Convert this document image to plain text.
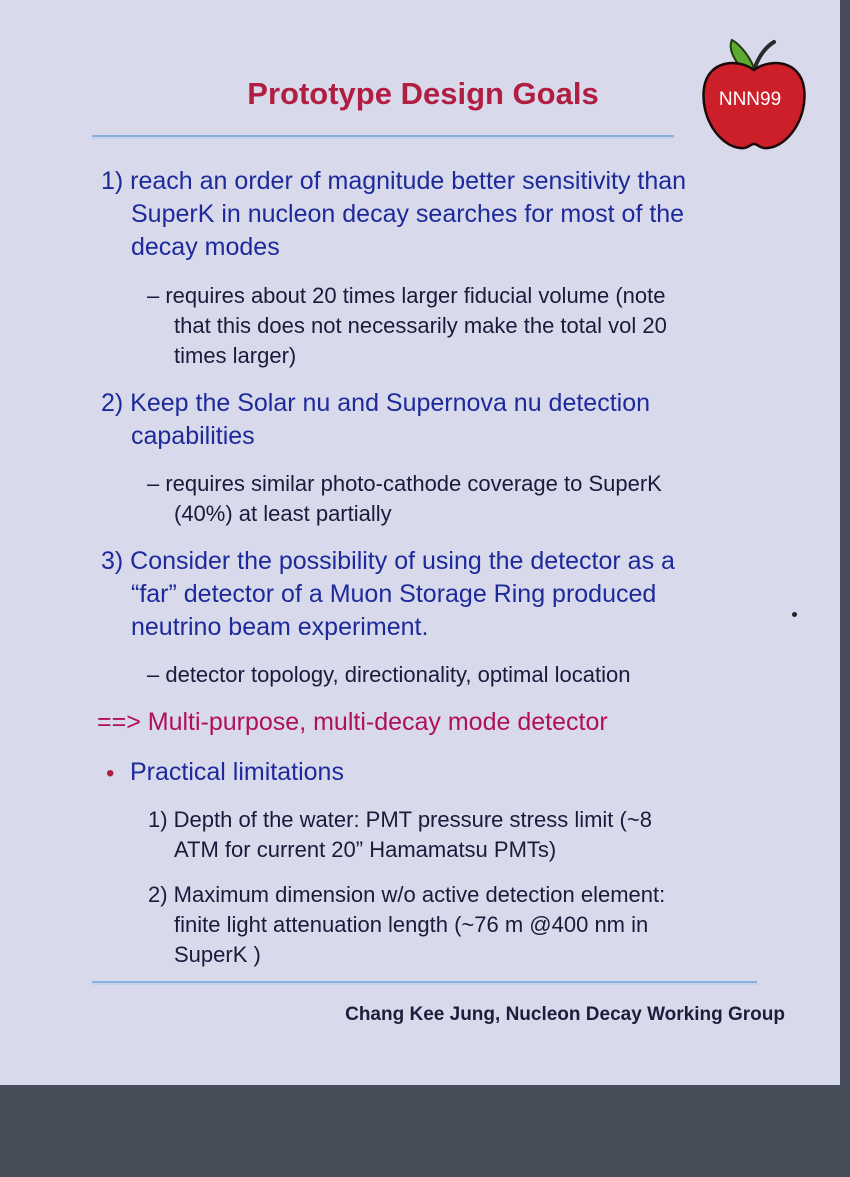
Prototype Design Goals	NNN99

1) reach an order of magnitude better sensitivity than

SuperK in nucleon decay searches for most of the

decay modes

– requires about 20 times larger fiducial volume (note

that this does not necessarily make the total vol 20

times larger)

2) Keep the Solar nu and Supernova nu detection

capabilities

– requires similar photo-cathode coverage to SuperK

(40%) at least partially

3) Consider the possibility of using the detector as a

“far” detector of a Muon Storage Ring produced

neutrino beam experiment.

– detector topology, directionality, optimal location

==> Multi-purpose, multi-decay mode detector

• Practical limitations

1) Depth of the water: PMT pressure stress limit (~8

ATM for current 20” Hamamatsu PMTs)

2) Maximum dimension w/o active detection element:

finite light attenuation length (~76 m @400 nm in

SuperK )

Chang Kee Jung, Nucleon Decay Working Group
